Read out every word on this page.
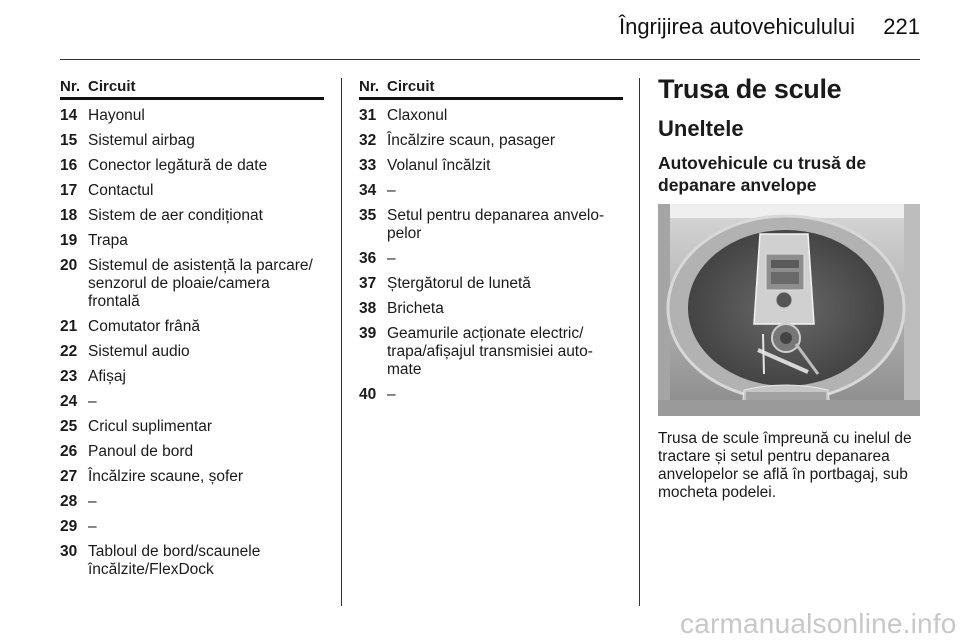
Îngrijirea autovehiculului	221
Nr. Circuit
14 Hayonul
15 Sistemul airbag
16 Conector legătură de date
17 Contactul
18 Sistem de aer condiționat
19 Trapa
20 Sistemul de asistență la parcare/ senzorul de ploaie/camera frontală
21 Comutator frână
22 Sistemul audio
23 Afișaj
24 –
25 Cricul suplimentar
26 Panoul de bord
27 Încălzire scaune, șofer
28 –
29 –
30 Tabloul de bord/scaunele încălzite/FlexDock
Nr. Circuit
31 Claxonul
32 Încălzire scaun, pasager
33 Volanul încălzit
34 –
35 Setul pentru depanarea anvelo- pelor
36 –
37 Ștergătorul de lunetă
38 Bricheta
39 Geamurile acționate electric/ trapa/afișajul transmisiei auto- mate
40 –
Trusa de scule
Uneltele
Autovehicule cu trusă de depanare anvelope
Trusa de scule împreună cu inelul de tractare și setul pentru depanarea anvelopelor se află în portbagaj, sub mocheta podelei.
carmanualsonline.info
